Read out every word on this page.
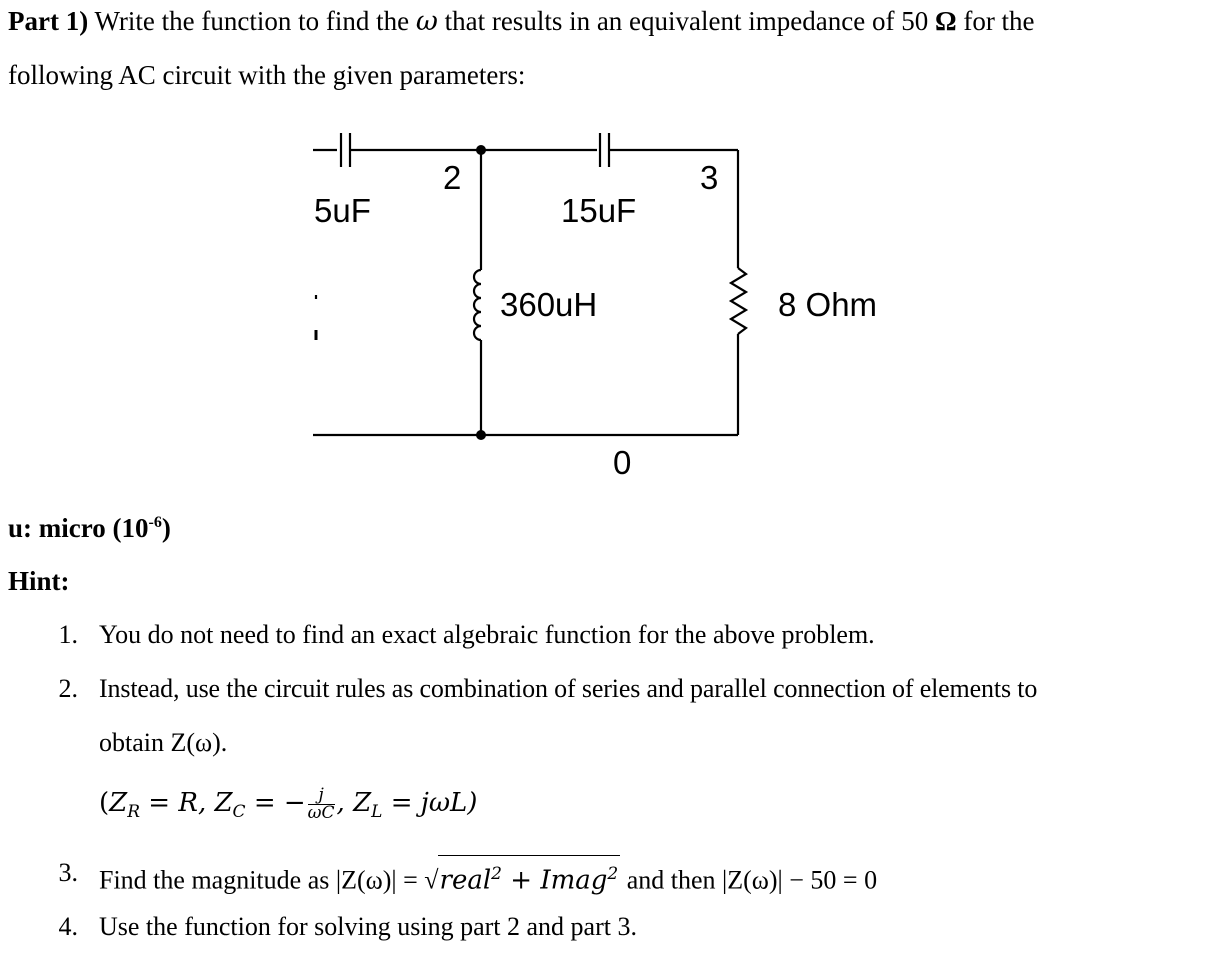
Part 1) Write the function to find the ω that results in an equivalent impedance of 50 Ω for the
following AC circuit with the given parameters:
5uF
2
15uF
3
360uH	8 Ohm
0
u: micro $(10^{-6})$
Hint:
1. You do not need to find an exact algebraic function for the above problem.
2. Instead, use the circuit rules as combination of series and parallel connection of elements to
obtain Z(ω).
($Z_R = R$, $Z_C$ = − $\frac{j}{\omega C}$ , $Z_L = j\omega L$)
3. Find the magnitude as |Z(ω)| = √real$^2$ + Imag$^2$ and then |Z(ω)| − 50 = 0
4. Use the function for solving using part 2 and part 3.
